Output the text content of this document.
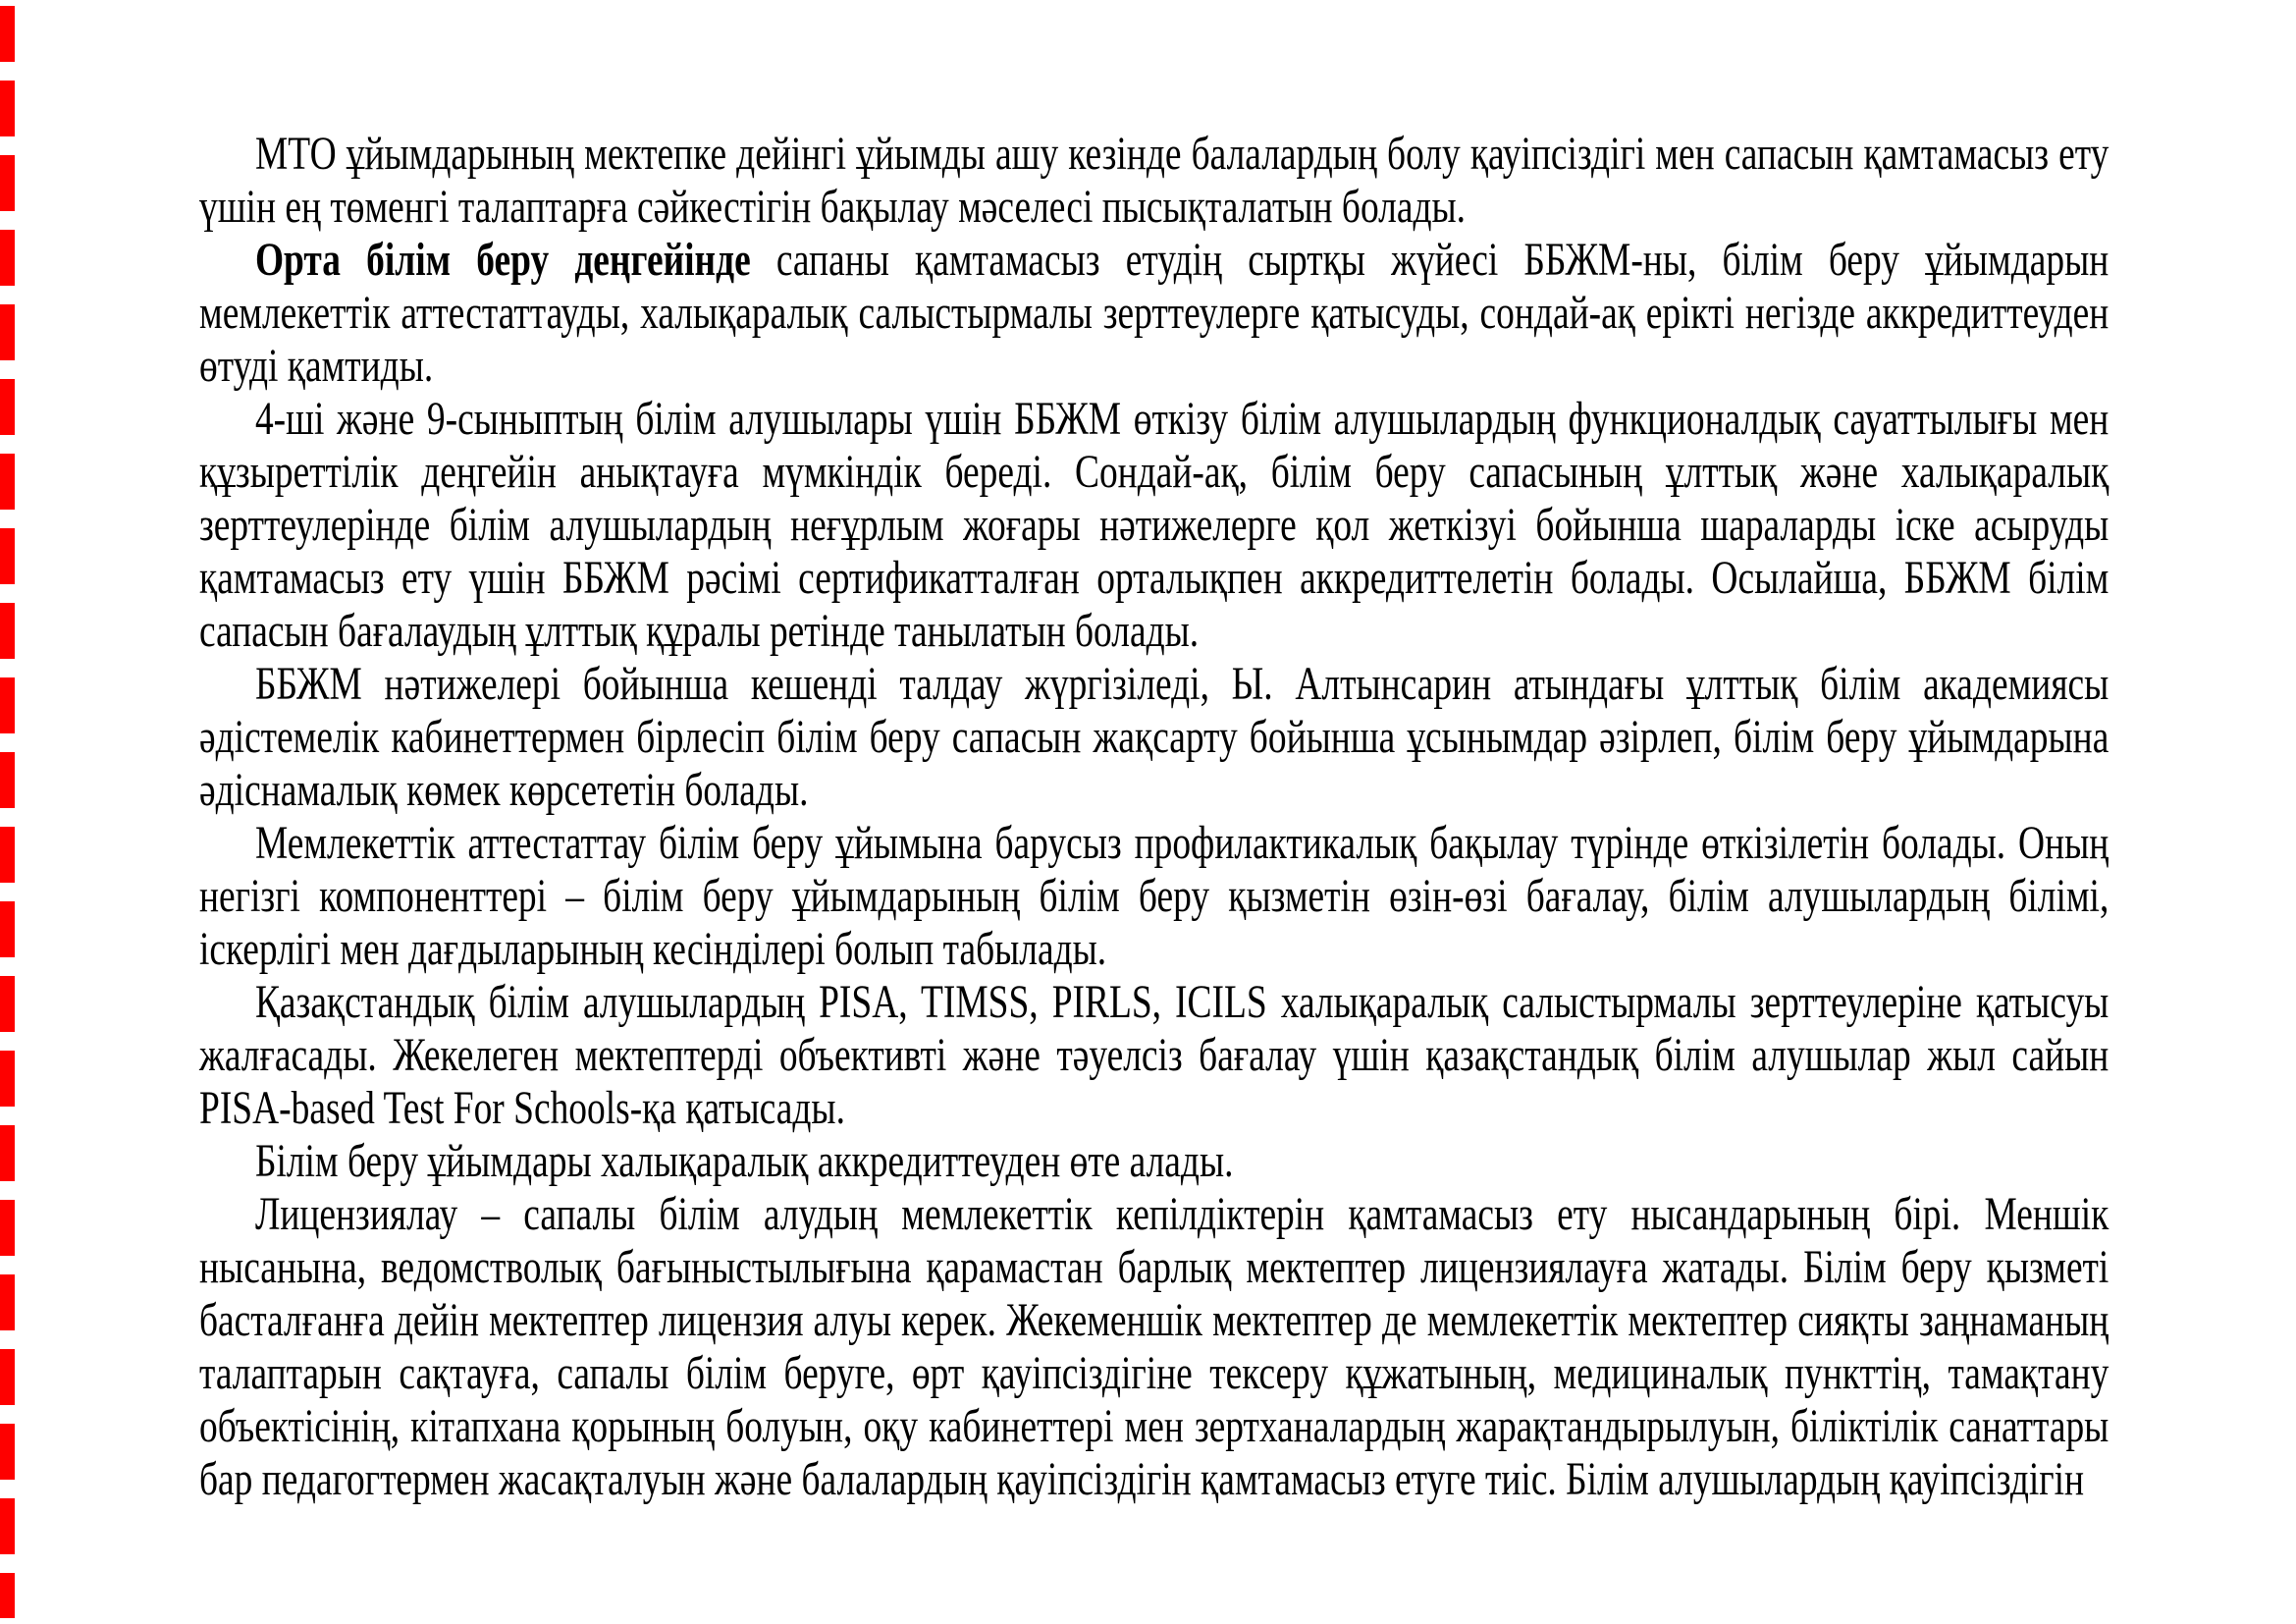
МТО ұйымдарының мектепке дейінгі ұйымды ашу кезінде балалардың болу қауіпсіздігі мен сапасын қамтамасыз ету үшін ең төменгі талаптарға сәйкестігін бақылау мәселесі пысықталатын болады.

Орта білім беру деңгейінде сапаны қамтамасыз етудің сыртқы жүйесі ББЖМ-ны, білім беру ұйымдарын мемлекеттік аттестаттауды, халықаралық салыстырмалы зерттеулерге қатысуды, сондай-ақ ерікті негізде аккредиттеуден өтуді қамтиды.

4-ші және 9-сыныптың білім алушылары үшін ББЖМ өткізу білім алушылардың функционалдық сауаттылығы мен құзыреттілік деңгейін анықтауға мүмкіндік береді. Сондай-ақ, білім беру сапасының ұлттық және халықаралық зерттеулерінде білім алушылардың неғұрлым жоғары нәтижелерге қол жеткізуі бойынша шараларды іске асыруды қамтамасыз ету үшін ББЖМ рәсімі сертификатталған орталықпен аккредиттелетін болады. Осылайша, ББЖМ білім сапасын бағалаудың ұлттық құралы ретінде танылатын болады.

ББЖМ нәтижелері бойынша кешенді талдау жүргізіледі, Ы. Алтынсарин атындағы ұлттық білім академиясы әдістемелік кабинеттермен бірлесіп білім беру сапасын жақсарту бойынша ұсынымдар әзірлеп, білім беру ұйымдарына әдіснамалық көмек көрсететін болады.

Мемлекеттік аттестаттау білім беру ұйымына барусыз профилактикалық бақылау түрінде өткізілетін болады. Оның негізгі компоненттері – білім беру ұйымдарының білім беру қызметін өзін-өзі бағалау, білім алушылардың білімі, іскерлігі мен дағдыларының кесінділері болып табылады.

Қазақстандық білім алушылардың PISA, TIMSS, PIRLS, ICILS халықаралық салыстырмалы зерттеулеріне қатысуы жалғасады. Жекелеген мектептерді объективті және тәуелсіз бағалау үшін қазақстандық білім алушылар жыл сайын PISA-based Test For Schools-қа қатысады.

Білім беру ұйымдары халықаралық аккредиттеуден өте алады.

Лицензиялау – сапалы білім алудың мемлекеттік кепілдіктерін қамтамасыз ету нысандарының бірі. Меншік нысанына, ведомстволық бағыныстылығына қарамастан барлық мектептер лицензиялауға жатады. Білім беру қызметі басталғанға дейін мектептер лицензия алуы керек. Жекеменшік мектептер де мемлекеттік мектептер сияқты заңнаманың талаптарын сақтауға, сапалы білім беруге, өрт қауіпсіздігіне тексеру құжатының, медициналық пункттің, тамақтану объектісінің, кітапхана қорының болуын, оқу кабинеттері мен зертханалардың жарақтандырылуын, біліктілік санаттары бар педагогтермен жасақталуын және балалардың қауіпсіздігін қамтамасыз етуге тиіс. Білім алушылардың қауіпсіздігін
